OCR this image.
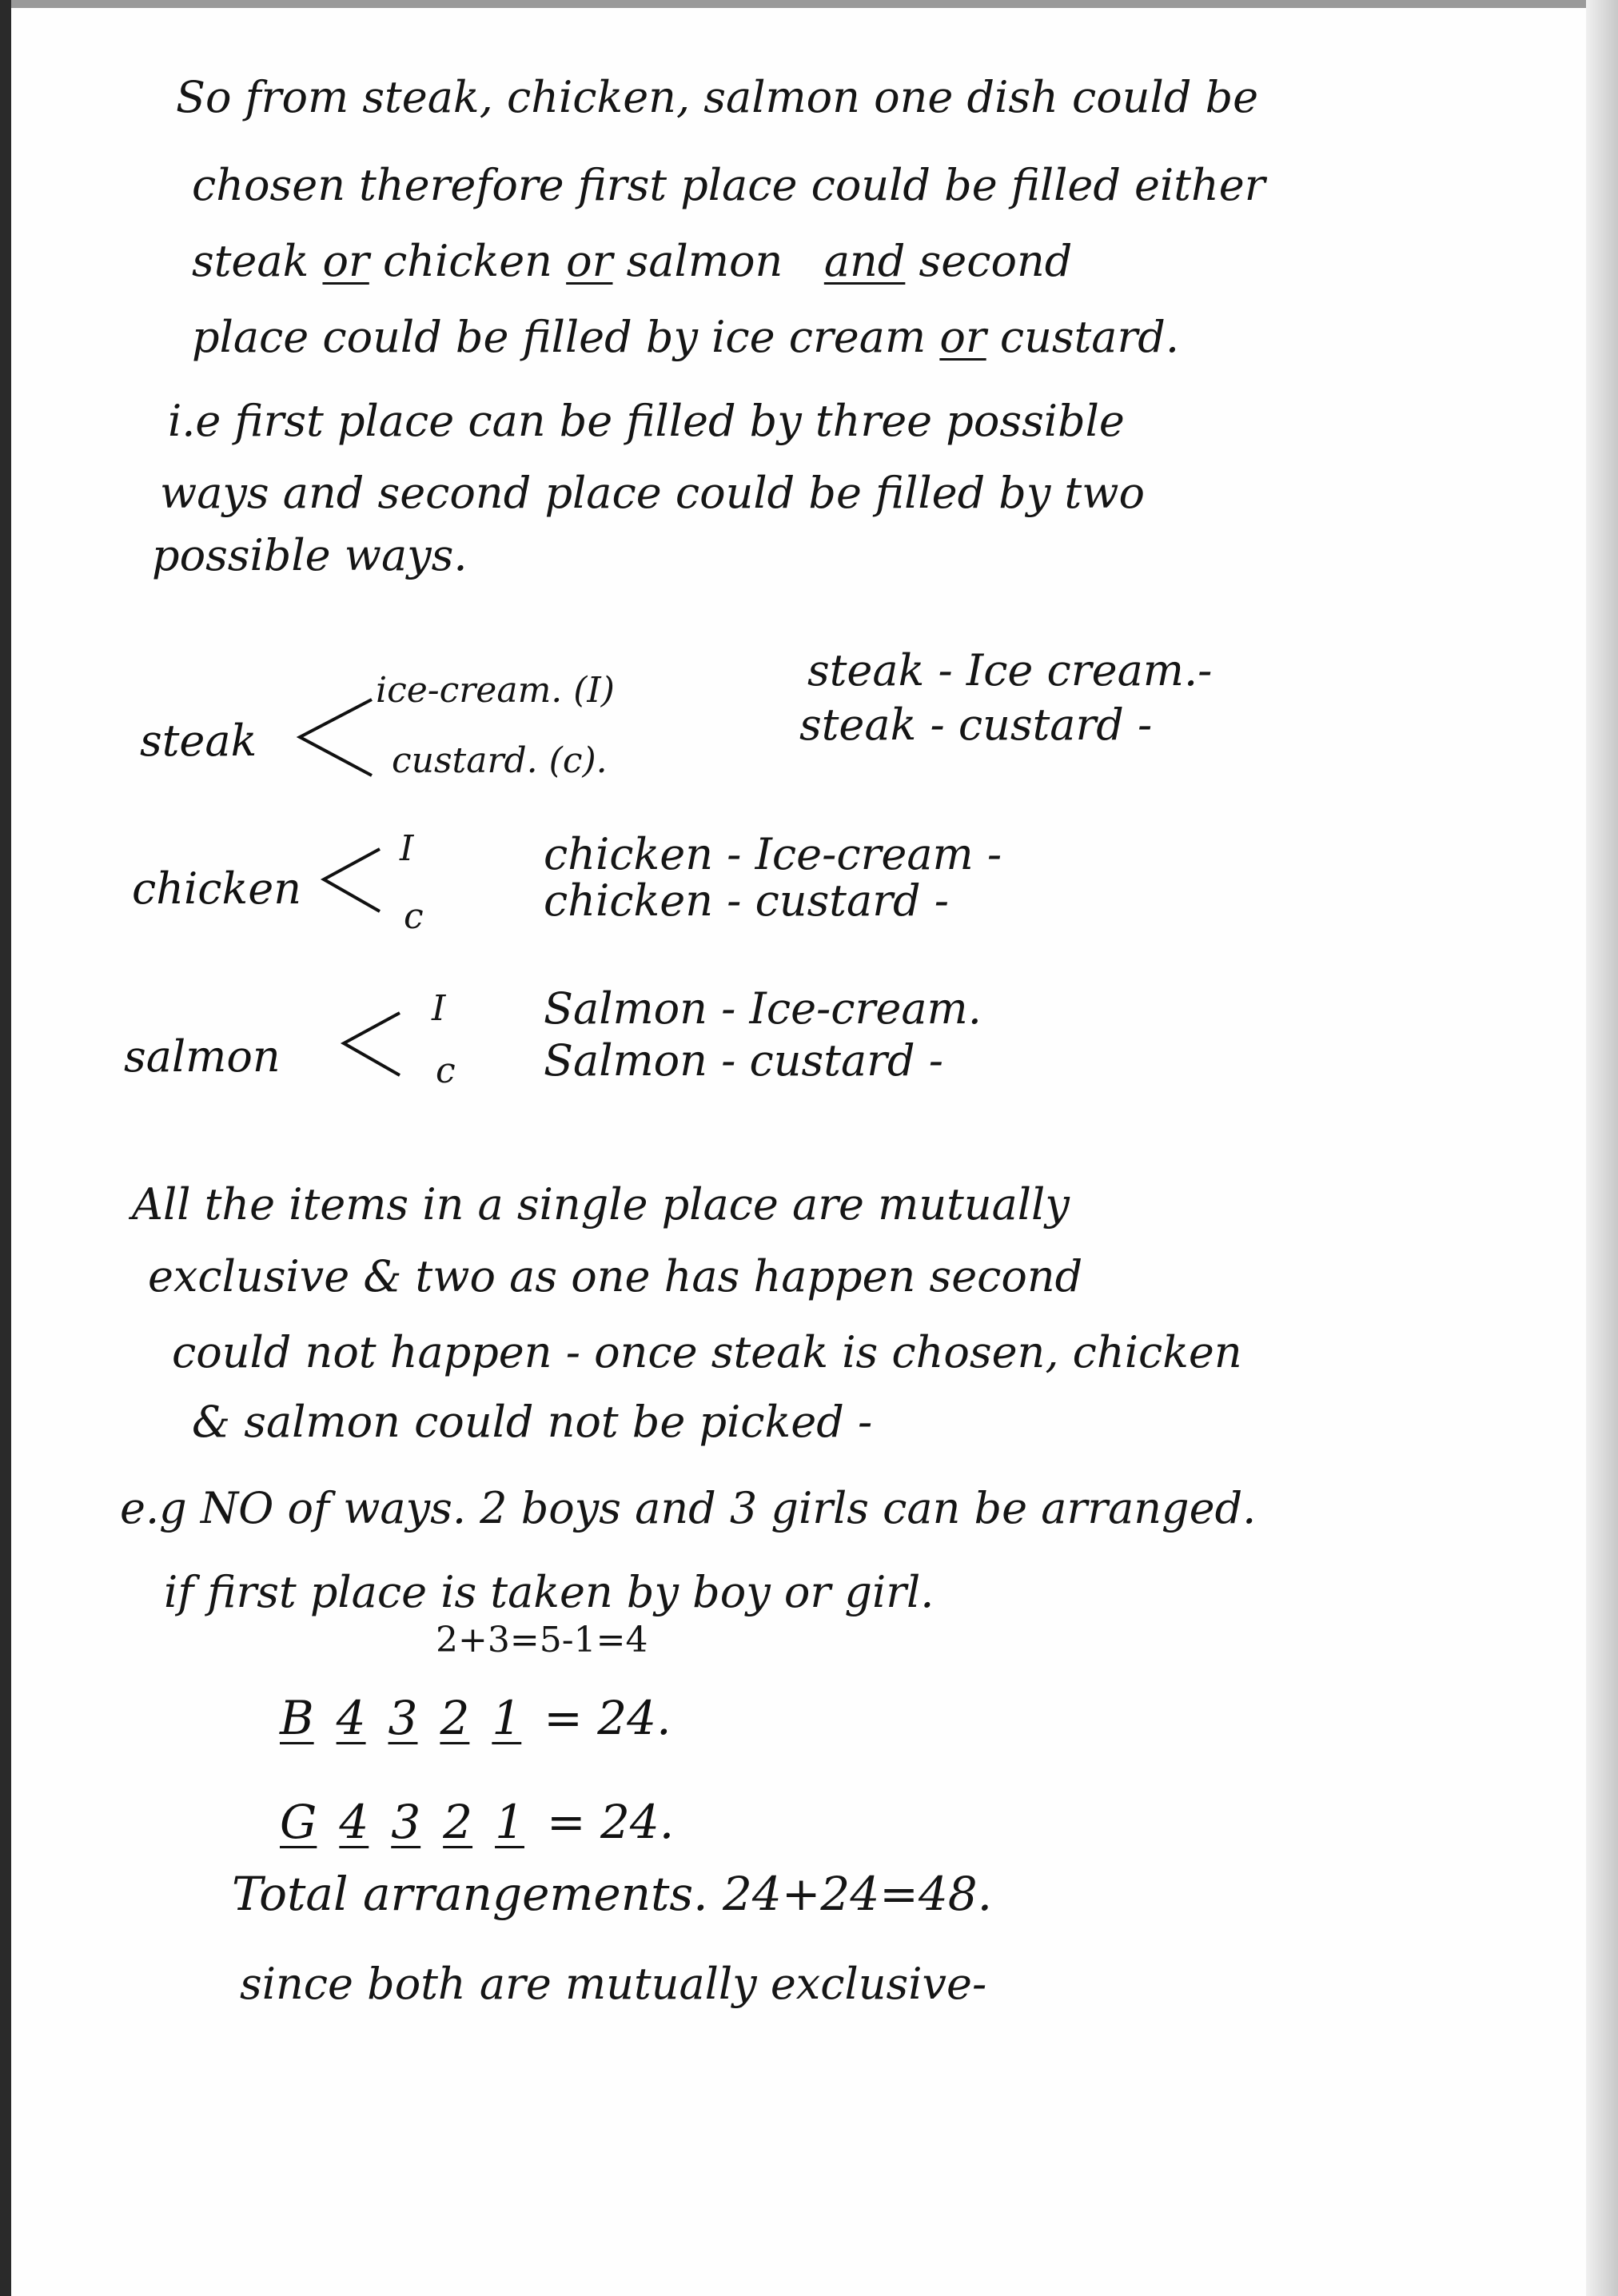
So from steak, chicken, salmon one dish could be
chosen therefore first place could be filled either
steak or chicken or salmon and second
place could be filled by ice cream or custard.
i.e first place can be filled by three possible
ways and second place could be filled by two
possible ways.
steak
ice-cream. (I)
custard. (c).
steak - Ice cream.-
steak - custard -
chicken
I
c
chicken - Ice-cream -
chicken - custard -
salmon
I
c
Salmon - Ice-cream.
Salmon - custard -
All the items in a single place are mutually
exclusive & two as one has happen second
could not happen - once steak is chosen, chicken
& salmon could not be picked -
e.g NO of ways. 2 boys and 3 girls can be arranged.
if first place is taken by boy or girl.
2+3=5-1=4
B 4 3 2 1 = 24.
G 4 3 2 1 = 24.
Total arrangements. 24+24=48.
since both are mutually exclusive-
